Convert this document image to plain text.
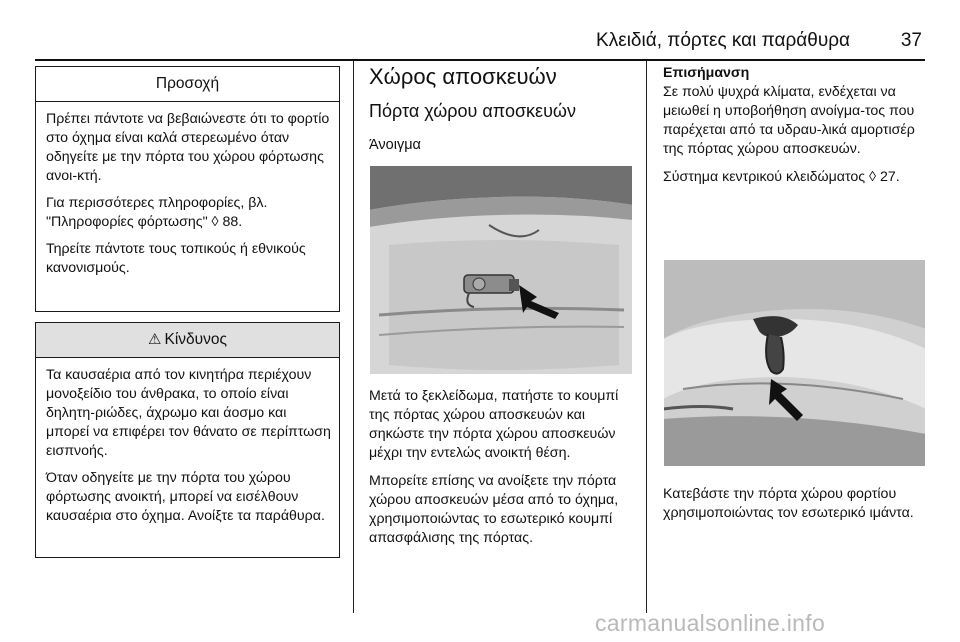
Κλειδιά, πόρτες και παράθυρα	37
Προσοχή

Πρέπει πάντοτε να βεβαιώνεστε ότι το φορτίο στο όχημα είναι καλά στερεωμένο όταν οδηγείτε με την πόρτα του χώρου φόρτωσης ανοι-κτή.

Για περισσότερες πληροφορίες, βλ. "Πληροφορίες φόρτωσης" ◊ 88.

Τηρείτε πάντοτε τους τοπικούς ή εθνικούς κανονισμούς.

⚠ Κίνδυνος

Τα καυσαέρια από τον κινητήρα περιέχουν μονοξείδιο του άνθρακα, το οποίο είναι δηλητη-ριώδες, άχρωμο και άοσμο και μπορεί να επιφέρει τον θάνατο σε περίπτωση εισπνοής.

Όταν οδηγείτε με την πόρτα του χώρου φόρτωσης ανοικτή, μπορεί να εισέλθουν καυσαέρια στο όχημα. Ανοίξτε τα παράθυρα.

Χώρος αποσκευών
Πόρτα χώρου αποσκευών
Άνοιγμα

Μετά το ξεκλείδωμα, πατήστε το κουμπί της πόρτας χώρου αποσκευών και σηκώστε την πόρτα χώρου αποσκευών μέχρι την εντελώς ανοικτή θέση.

Μπορείτε επίσης να ανοίξετε την πόρτα χώρου αποσκευών μέσα από το όχημα, χρησιμοποιώντας το εσωτερικό κουμπί απασφάλισης της πόρτας.

Επισήμανση

Σε πολύ ψυχρά κλίματα, ενδέχεται να μειωθεί η υποβοήθηση ανοίγμα-τος που παρέχεται από τα υδραυ-λικά αμορτισέρ της πόρτας χώρου αποσκευών.

Σύστημα κεντρικού κλειδώματος ◊ 27.

Κατεβάστε την πόρτα χώρου φορτίου χρησιμοποιώντας τον εσωτερικό ιμάντα.

carmanualsonline.info
